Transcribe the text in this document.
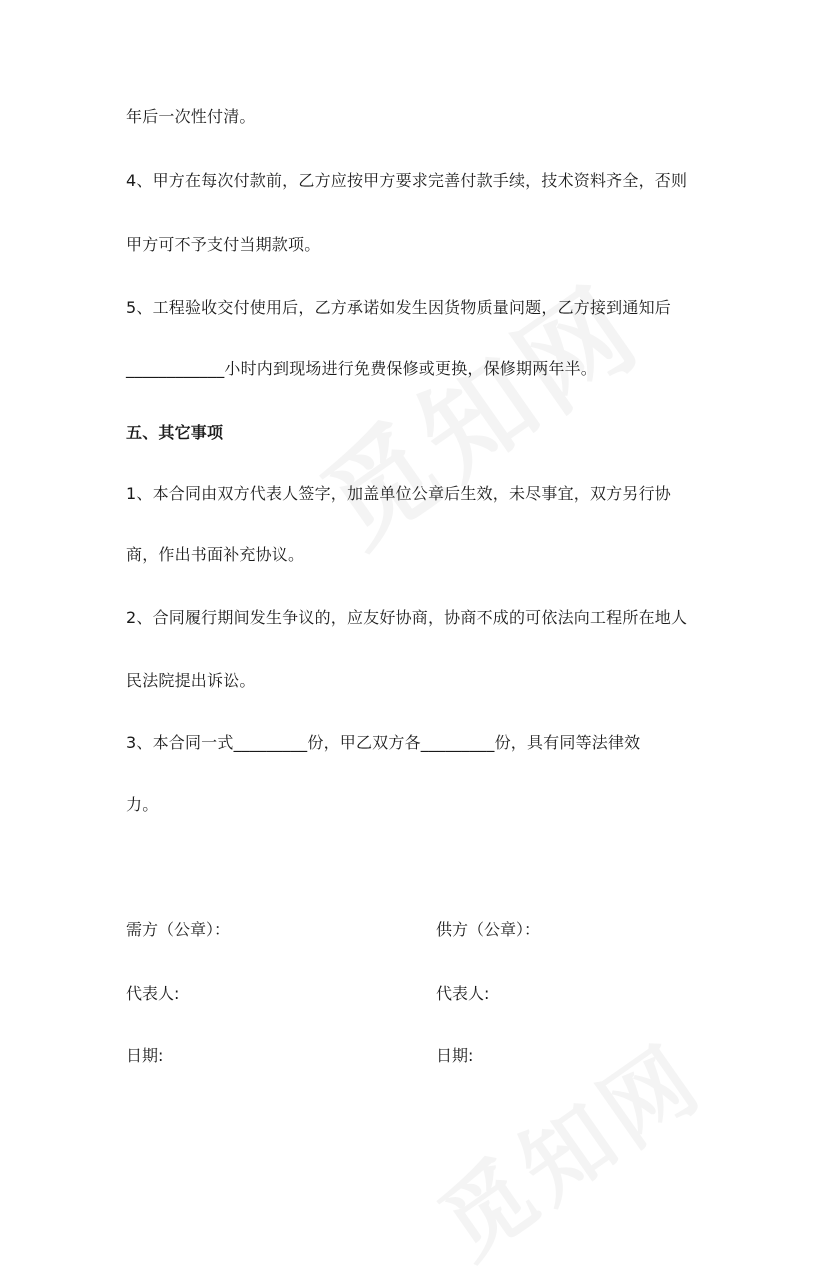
年后一次性付清。
4、甲方在每次付款前，乙方应按甲方要求完善付款手续，技术资料齐全，否则
甲方可不予支付当期款项。
5、工程验收交付使用后，乙方承诺如发生因货物质量问题，乙方接到通知后
____________小时内到现场进行免费保修或更换，保修期两年半。
五、其它事项
1、本合同由双方代表人签字，加盖单位公章后生效，未尽事宜，双方另行协
商，作出书面补充协议。
2、合同履行期间发生争议的，应友好协商，协商不成的可依法向工程所在地人
民法院提出诉讼。
3、本合同一式_________份，甲乙双方各_________份，具有同等法律效
力。
需方（公章）：	供方（公章）：
代表人:	代表人:
日期:	日期:
